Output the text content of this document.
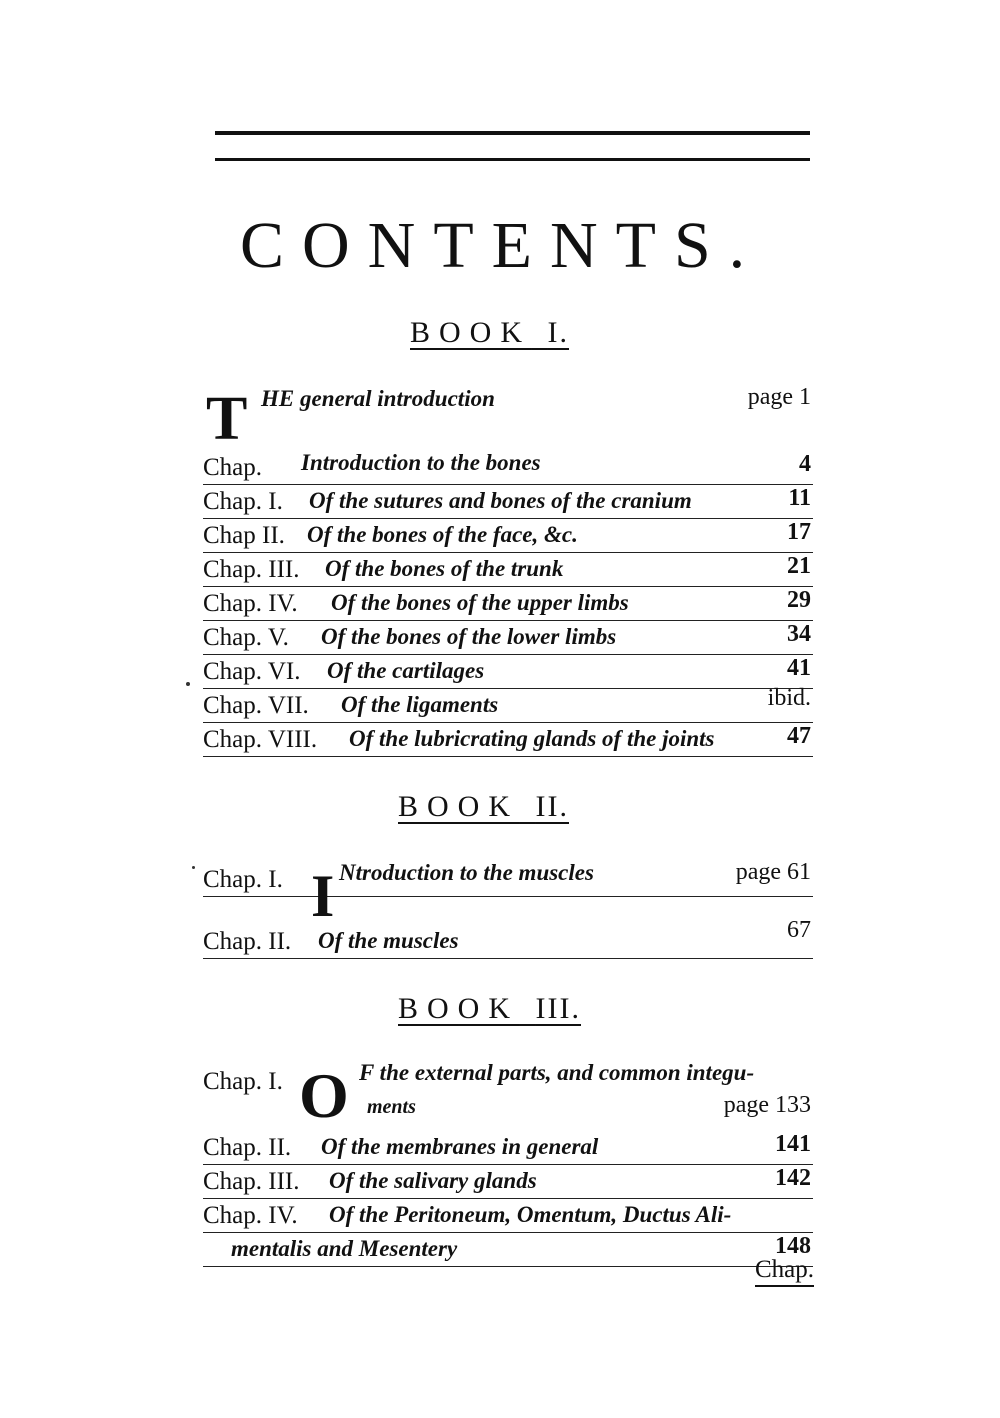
CONTENTS.
BOOK I.
T HE general introduction	page 1
Chap. Introduction to the bones	4
Chap. I. Of the sutures and bones of the cranium	11
Chap II. Of the bones of the face, &c.	17
Chap. III. Of the bones of the trunk	21
Chap. IV. Of the bones of the upper limbs	29
Chap. V. Of the bones of the lower limbs	34
Chap. VI. Of the cartilages	41
Chap. VII. Of the ligaments	ibid.
Chap. VIII. Of the lubricrating glands of the joints	47
BOOK II.
Chap. I. I Ntroduction to the muscles	page 61
Chap. II. Of the muscles	67
BOOK III.
Chap. I. O F the external parts, and common integu-
ments	page 133
Chap. II. Of the membranes in general	141
Chap. III. Of the salivary glands	142
Chap. IV. Of the Peritoneum, Omentum, Ductus Ali-
mentalis and Mesentery	148
Chap.
